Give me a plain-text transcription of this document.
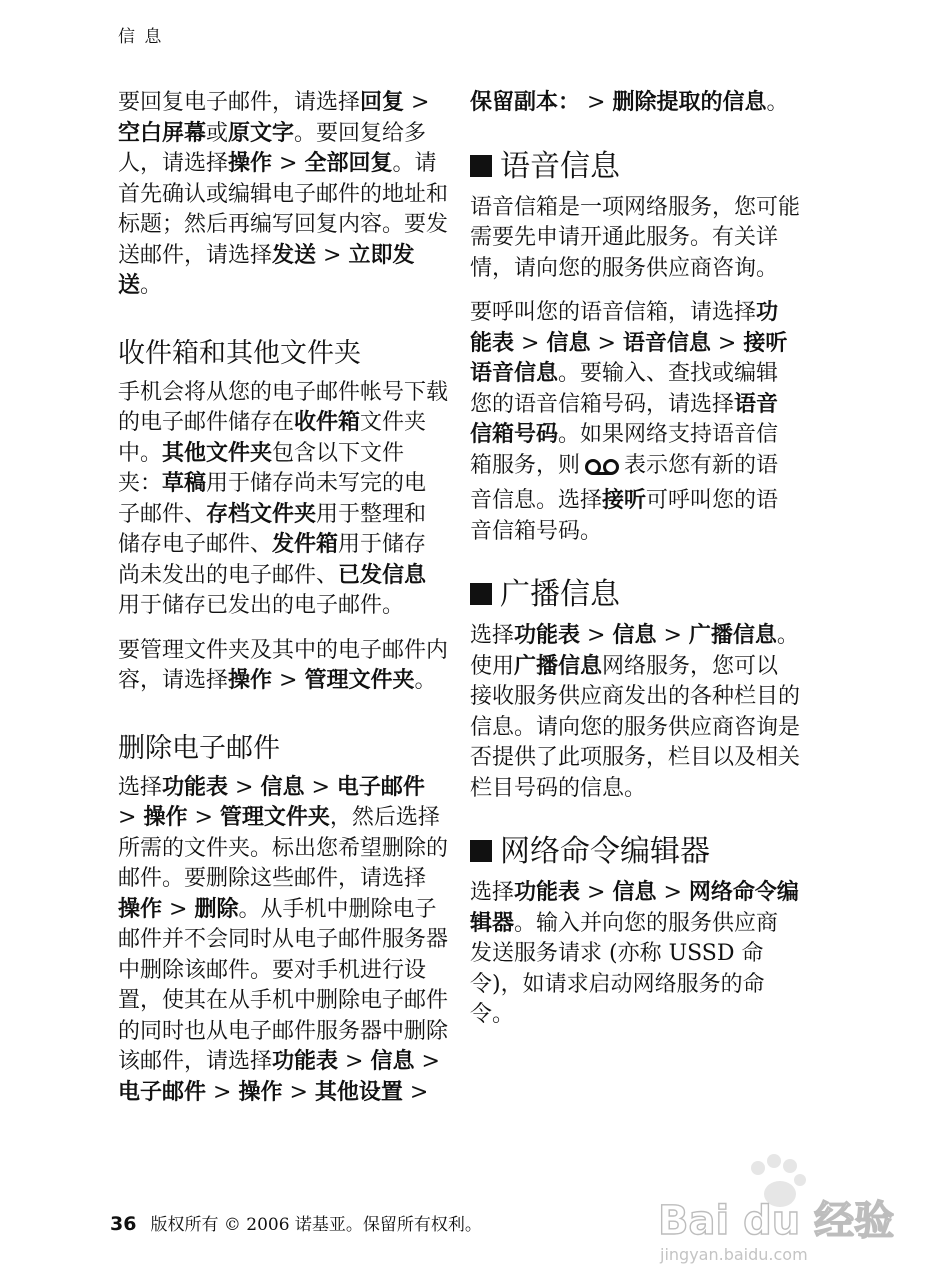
信 息

要回复电子邮件，请选择回复 > 空白屏幕或原文字。要回复给多人，请选择操作 > 全部回复。请首先确认或编辑电子邮件的地址和标题；然后再编写回复内容。要发送邮件，请选择发送 > 立即发送。

收件箱和其他文件夹

手机会将从您的电子邮件帐号下载的电子邮件储存在收件箱文件夹中。其他文件夹包含以下文件夹：草稿用于储存尚未写完的电子邮件、存档文件夹用于整理和储存电子邮件、发件箱用于储存尚未发出的电子邮件、已发信息用于储存已发出的电子邮件。

要管理文件夹及其中的电子邮件内容，请选择操作 > 管理文件夹。

删除电子邮件

选择功能表 > 信息 > 电子邮件 > 操作 > 管理文件夹，然后选择所需的文件夹。标出您希望删除的邮件。要删除这些邮件，请选择操作 > 删除。从手机中删除电子邮件并不会同时从电子邮件服务器中删除该邮件。要对手机进行设置，使其在从手机中删除电子邮件的同时也从电子邮件服务器中删除该邮件，请选择功能表 > 信息 > 电子邮件 > 操作 > 其他设置 >

保留副本： > 删除提取的信息。

语音信息

语音信箱是一项网络服务，您可能需要先申请开通此服务。有关详情，请向您的服务供应商咨询。

要呼叫您的语音信箱，请选择功能表 > 信息 > 语音信息 > 接听语音信息。要输入、查找或编辑您的语音信箱号码，请选择语音信箱号码。如果网络支持语音信箱服务，则 表示您有新的语音信息。选择接听可呼叫您的语音信箱号码。

广播信息

选择功能表 > 信息 > 广播信息。使用广播信息网络服务，您可以接收服务供应商发出的各种栏目的信息。请向您的服务供应商咨询是否提供了此项服务，栏目以及相关栏目号码的信息。

网络命令编辑器

选择功能表 > 信息 > 网络命令编辑器。输入并向您的服务供应商发送服务请求 (亦称 USSD 命令)，如请求启动网络服务的命令。

36 版权所有 © 2006 诺基亚。保留所有权利。	Bai du 经验
jingyan.baidu.com
